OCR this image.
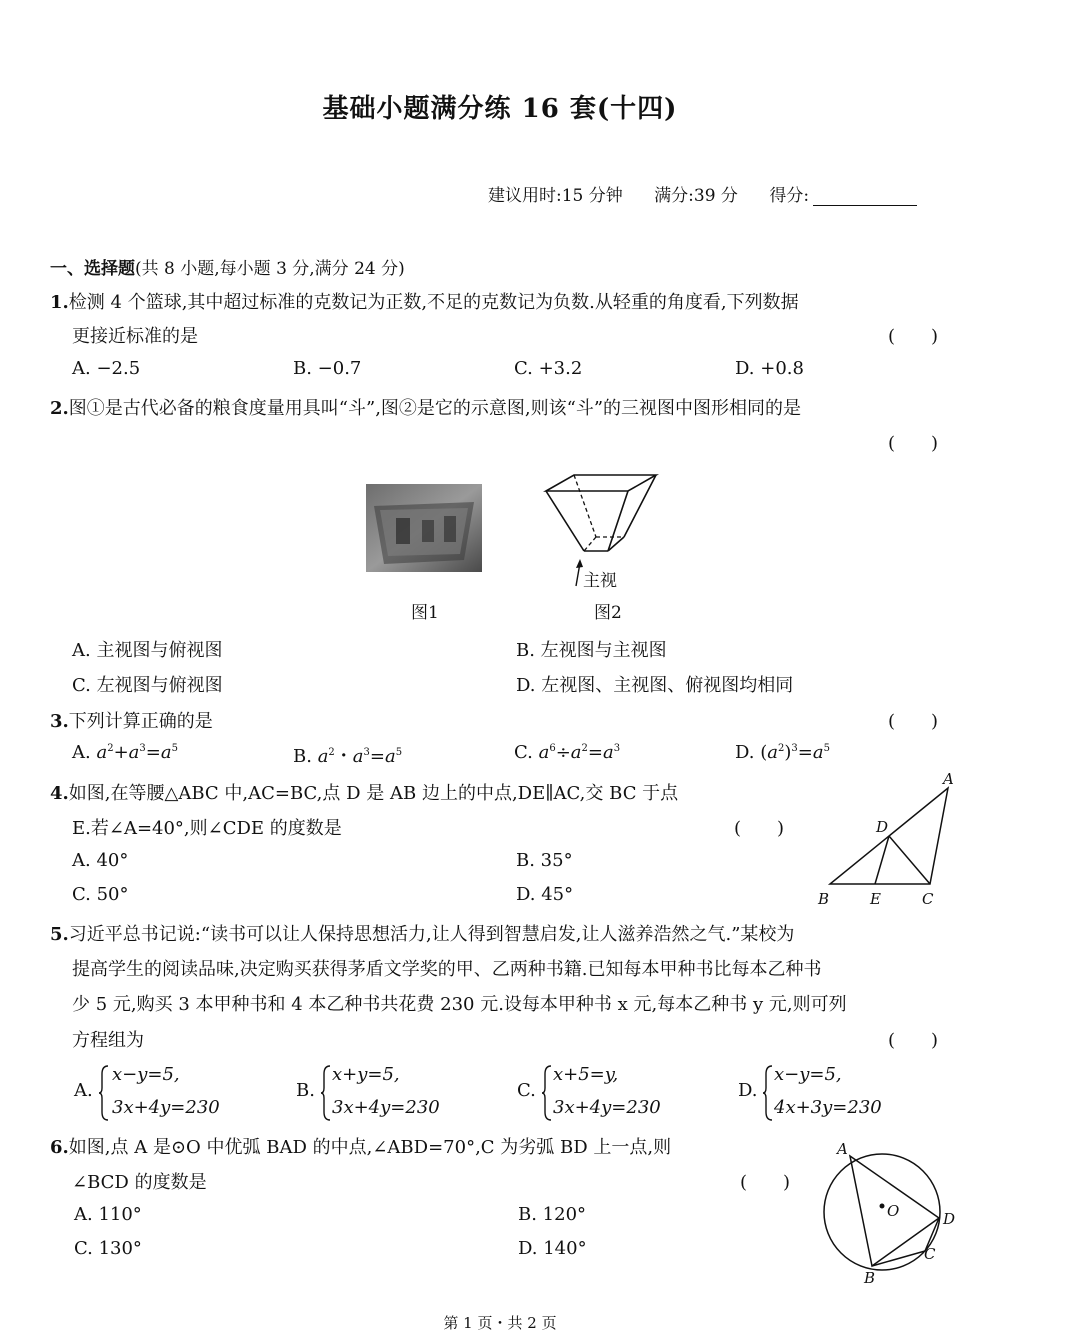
基础小题满分练 16 套(十四)
建议用时:15 分钟 满分:39 分 得分:
一、选择题(共 8 小题,每小题 3 分,满分 24 分)
1.检测 4 个篮球,其中超过标准的克数记为正数,不足的克数记为负数.从轻重的角度看,下列数据
更接近标准的是	(　　)
A. −2.5	B. −0.7	C. +3.2	D. +0.8
2.图①是古代必备的粮食度量用具叫“斗”,图②是它的示意图,则该“斗”的三视图中图形相同的是
(　　)
主视
图1	图2
A. 主视图与俯视图	B. 左视图与主视图
C. 左视图与俯视图	D. 左视图、主视图、俯视图均相同
3.下列计算正确的是	(　　)
A. $a^2+a^3=a^5$	B. $a^2$・$a^3=a^5$	C. $a^6\div a^2=a^3$	D. $(a^2)^3=a^5$
4.如图,在等腰△ABC 中,AC=BC,点 D 是 AB 边上的中点,DE∥AC,交 BC 于点
E.若∠A=40°,则∠CDE 的度数是	(　　)
A. 40°	B. 35°
C. 50°	D. 45°
A
B	C
D
E
5.习近平总书记说:“读书可以让人保持思想活力,让人得到智慧启发,让人滋养浩然之气.”某校为
提高学生的阅读品味,决定购买获得茅盾文学奖的甲、乙两种书籍.已知每本甲种书比每本乙种书
少 5 元,购买 3 本甲种书和 4 本乙种书共花费 230 元.设每本甲种书 x 元,每本乙种书 y 元,则可列
方程组为	(　　)
A.
x−y=5,
3x+4y=230
B.
x+y=5,
3x+4y=230
C.
x+5=y,
3x+4y=230
D.
x−y=5,
4x+3y=230
6.如图,点 A 是⊙O 中优弧 BAD 的中点,∠ABD=70°,C 为劣弧 BD 上一点,则
∠BCD 的度数是	(　　)
A. 110°	B. 120°
C. 130°	D. 140°
A
O	D
C
B
第 1 页・共 2 页
